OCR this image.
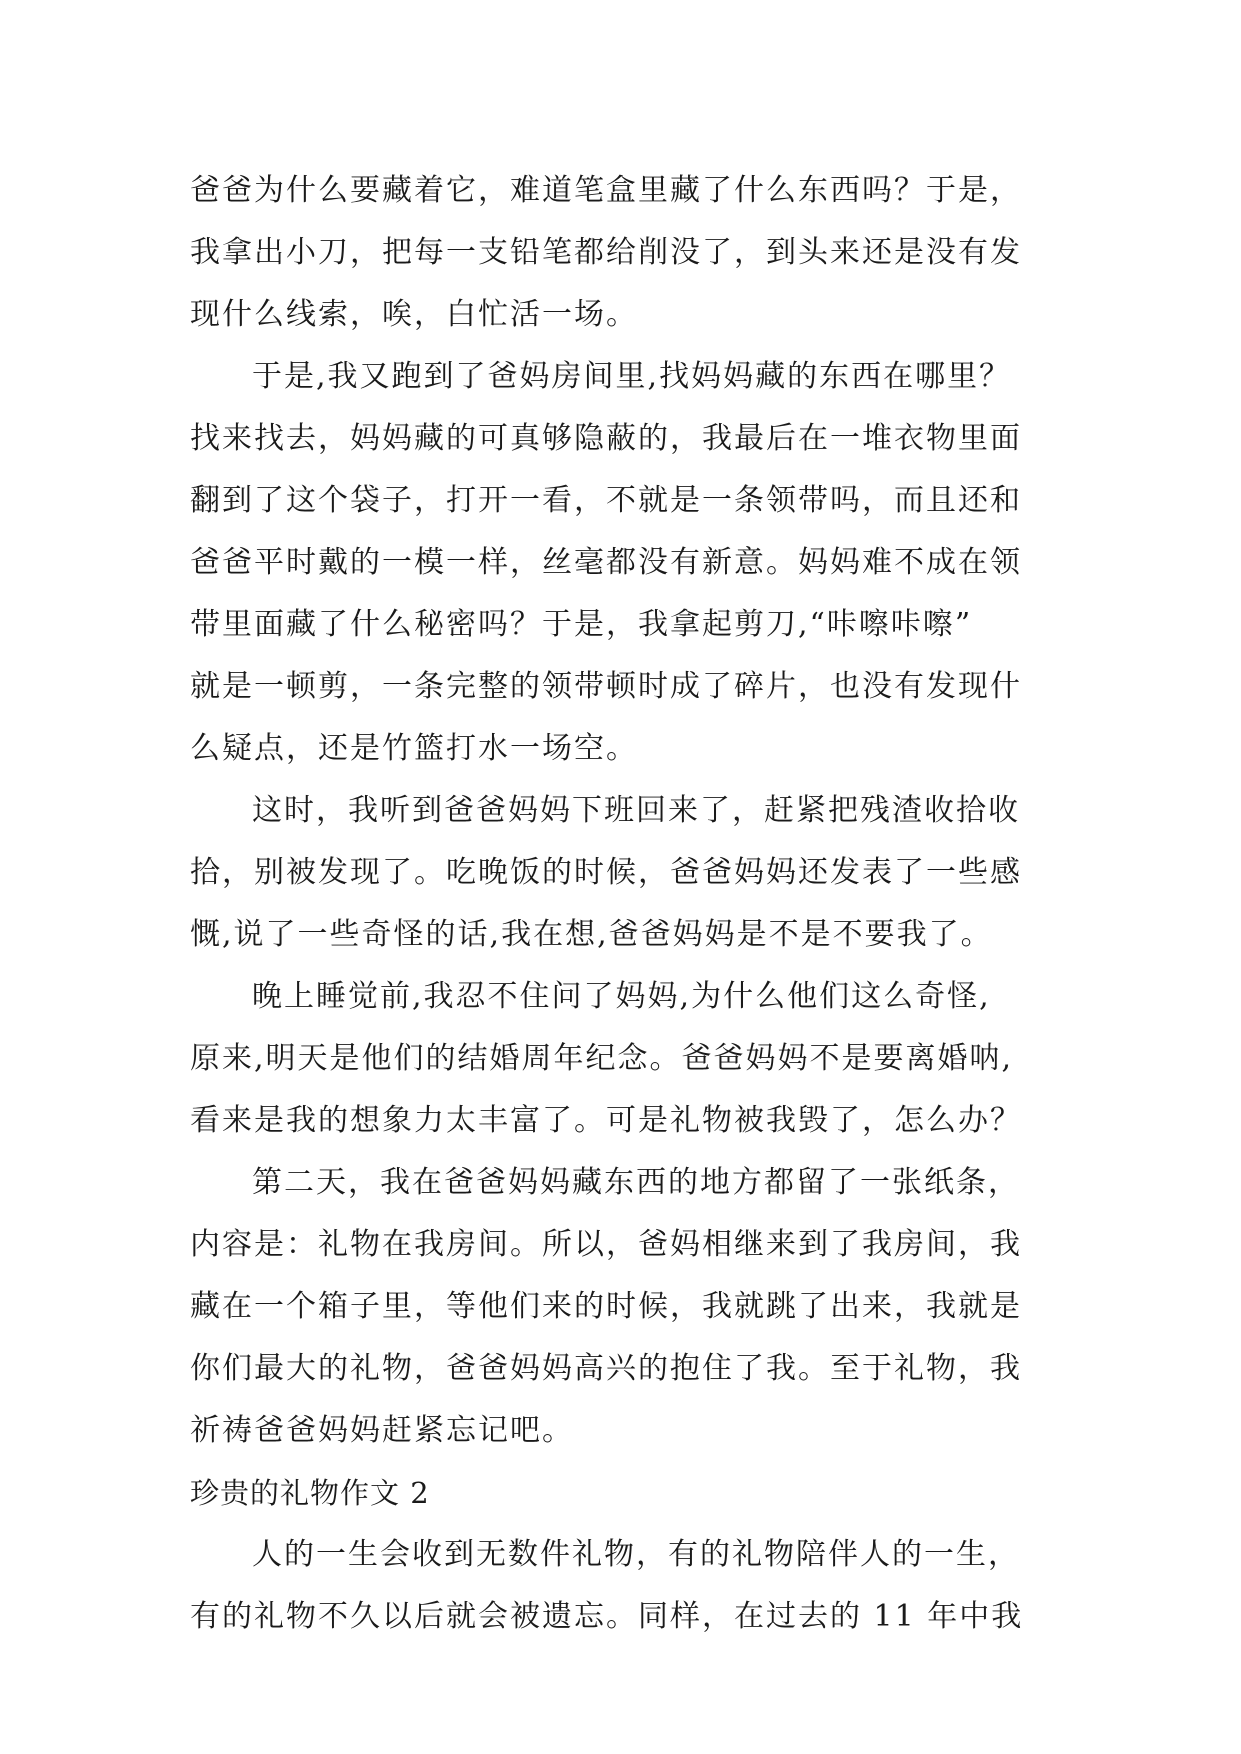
爸爸为什么要藏着它，难道笔盒里藏了什么东西吗？于是，
我拿出小刀，把每一支铅笔都给削没了，到头来还是没有发
现什么线索，唉，白忙活一场。
于是,我又跑到了爸妈房间里,找妈妈藏的东西在哪里？
找来找去，妈妈藏的可真够隐蔽的，我最后在一堆衣物里面
翻到了这个袋子，打开一看，不就是一条领带吗，而且还和
爸爸平时戴的一模一样，丝毫都没有新意。妈妈难不成在领
带里面藏了什么秘密吗？于是，我拿起剪刀,“咔嚓咔嚓”
就是一顿剪，一条完整的领带顿时成了碎片，也没有发现什
么疑点，还是竹篮打水一场空。
这时，我听到爸爸妈妈下班回来了，赶紧把残渣收拾收
拾，别被发现了。吃晚饭的时候，爸爸妈妈还发表了一些感
慨,说了一些奇怪的话,我在想,爸爸妈妈是不是不要我了。
晚上睡觉前,我忍不住问了妈妈,为什么他们这么奇怪,
原来,明天是他们的结婚周年纪念。爸爸妈妈不是要离婚呐,
看来是我的想象力太丰富了。可是礼物被我毁了，怎么办？
第二天，我在爸爸妈妈藏东西的地方都留了一张纸条，
内容是：礼物在我房间。所以，爸妈相继来到了我房间，我
藏在一个箱子里，等他们来的时候，我就跳了出来，我就是
你们最大的礼物，爸爸妈妈高兴的抱住了我。至于礼物，我
祈祷爸爸妈妈赶紧忘记吧。
珍贵的礼物作文 2
人的一生会收到无数件礼物，有的礼物陪伴人的一生，
有的礼物不久以后就会被遗忘。同样，在过去的 11 年中我
